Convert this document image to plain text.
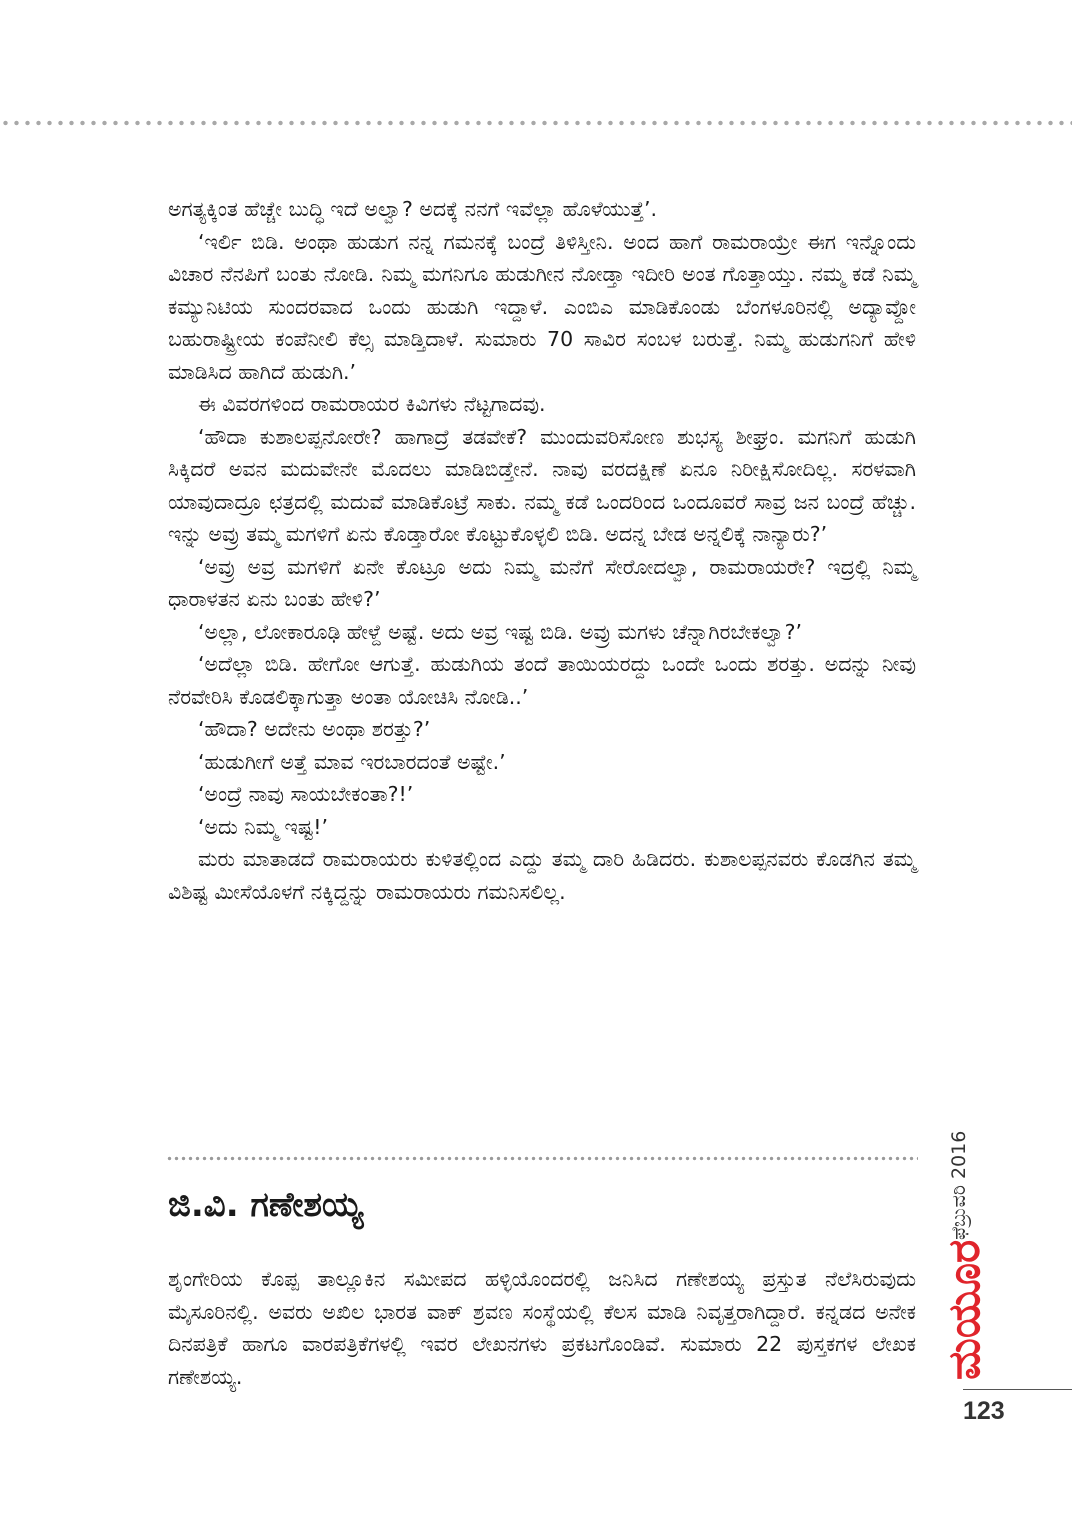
ಅಗತ್ಯಕ್ಕಿಂತ ಹೆಚ್ಚೇ ಬುದ್ಧಿ ಇದೆ ಅಲ್ವಾ? ಅದಕ್ಕೆ ನನಗೆ ಇವೆಲ್ಲಾ ಹೊಳೆಯುತ್ತೆ’.

‘ಇರ್ಲಿ ಬಿಡಿ. ಅಂಥಾ ಹುಡುಗ ನನ್ನ ಗಮನಕ್ಕೆ ಬಂದ್ರೆ ತಿಳಿಸ್ತೀನಿ. ಅಂದ ಹಾಗೆ ರಾಮರಾಯ್ರೇ ಈಗ ಇನ್ನೊಂದು ವಿಚಾರ ನೆನಪಿಗೆ ಬಂತು ನೋಡಿ. ನಿಮ್ಮ ಮಗನಿಗೂ ಹುಡುಗೀನ ನೋಡ್ತಾ ಇದೀರಿ ಅಂತ ಗೊತ್ತಾಯ್ತು. ನಮ್ಮ ಕಡೆ ನಿಮ್ಮ ಕಮ್ಯುನಿಟಿಯ ಸುಂದರವಾದ ಒಂದು ಹುಡುಗಿ ಇದ್ದಾಳೆ. ಎಂಬಿಎ ಮಾಡಿಕೊಂಡು ಬೆಂಗಳೂರಿನಲ್ಲಿ ಅದ್ಯಾವ್ದೋ ಬಹುರಾಷ್ಟ್ರೀಯ ಕಂಪೆನೀಲಿ ಕೆಲ್ಸ ಮಾಡ್ತಿದಾಳೆ. ಸುಮಾರು 70 ಸಾವಿರ ಸಂಬಳ ಬರುತ್ತೆ. ನಿಮ್ಮ ಹುಡುಗನಿಗೆ ಹೇಳಿ ಮಾಡಿಸಿದ ಹಾಗಿದೆ ಹುಡುಗಿ.’

ಈ ವಿವರಗಳಿಂದ ರಾಮರಾಯರ ಕಿವಿಗಳು ನೆಟ್ಟಗಾದವು.

‘ಹೌದಾ ಕುಶಾಲಪ್ಪನೋರೇ? ಹಾಗಾದ್ರೆ ತಡವೇಕೆ? ಮುಂದುವರಿಸೋಣ ಶುಭಸ್ಯ ಶೀಘ್ರಂ. ಮಗನಿಗೆ ಹುಡುಗಿ ಸಿಕ್ಕಿದರೆ ಅವನ ಮದುವೇನೇ ಮೊದಲು ಮಾಡಿಬಿಡ್ತೇನೆ. ನಾವು ವರದಕ್ಷಿಣೆ ಏನೂ ನಿರೀಕ್ಷಿಸೋದಿಲ್ಲ. ಸರಳವಾಗಿ ಯಾವುದಾದ್ರೂ ಛತ್ರದಲ್ಲಿ ಮದುವೆ ಮಾಡಿಕೊಟ್ರೆ ಸಾಕು. ನಮ್ಮ ಕಡೆ ಒಂದರಿಂದ ಒಂದೂವರೆ ಸಾವ್ರ ಜನ ಬಂದ್ರೆ ಹೆಚ್ಚು. ಇನ್ನು ಅವ್ರು ತಮ್ಮ ಮಗಳಿಗೆ ಏನು ಕೊಡ್ತಾರೋ ಕೊಟ್ಟುಕೊಳ್ಳಲಿ ಬಿಡಿ. ಅದನ್ನ ಬೇಡ ಅನ್ನಲಿಕ್ಕೆ ನಾನ್ಯಾರು?’

‘ಅವ್ರು ಅವ್ರ ಮಗಳಿಗೆ ಏನೇ ಕೊಟ್ರೂ ಅದು ನಿಮ್ಮ ಮನೆಗೆ ಸೇರೋದಲ್ವಾ, ರಾಮರಾಯರೇ? ಇದ್ರಲ್ಲಿ ನಿಮ್ಮ ಧಾರಾಳತನ ಏನು ಬಂತು ಹೇಳಿ?’

‘ಅಲ್ಲಾ, ಲೋಕಾರೂಢಿ ಹೇಳ್ದೆ ಅಷ್ಟೆ. ಅದು ಅವ್ರ ಇಷ್ಟ ಬಿಡಿ. ಅವ್ರು ಮಗಳು ಚೆನ್ನಾಗಿರಬೇಕಲ್ವಾ?’

‘ಅದೆಲ್ಲಾ ಬಿಡಿ. ಹೇಗೋ ಆಗುತ್ತೆ. ಹುಡುಗಿಯ ತಂದೆ ತಾಯಿಯರದ್ದು ಒಂದೇ ಒಂದು ಶರತ್ತು. ಅದನ್ನು ನೀವು ನೆರವೇರಿಸಿ ಕೊಡಲಿಕ್ಕಾಗುತ್ತಾ ಅಂತಾ ಯೋಚಿಸಿ ನೋಡಿ..’

‘ಹೌದಾ? ಅದೇನು ಅಂಥಾ ಶರತ್ತು?’

‘ಹುಡುಗೀಗೆ ಅತ್ತೆ ಮಾವ ಇರಬಾರದಂತೆ ಅಷ್ಟೇ.’

‘ಅಂದ್ರೆ ನಾವು ಸಾಯಬೇಕಂತಾ?!’

‘ಅದು ನಿಮ್ಮ ಇಷ್ಟ!’

ಮರು ಮಾತಾಡದೆ ರಾಮರಾಯರು ಕುಳಿತಲ್ಲಿಂದ ಎದ್ದು ತಮ್ಮ ದಾರಿ ಹಿಡಿದರು. ಕುಶಾಲಪ್ಪನವರು ಕೊಡಗಿನ ತಮ್ಮ ವಿಶಿಷ್ಟ ಮೀಸೆಯೊಳಗೆ ನಕ್ಕಿದ್ದನ್ನು ರಾಮರಾಯರು ಗಮನಿಸಲಿಲ್ಲ.

ಜಿ.ವಿ. ಗಣೇಶಯ್ಯ

ಶೃಂಗೇರಿಯ ಕೊಪ್ಪ ತಾಲ್ಲೂಕಿನ ಸಮೀಪದ ಹಳ್ಳಿಯೊಂದರಲ್ಲಿ ಜನಿಸಿದ ಗಣೇಶಯ್ಯ ಪ್ರಸ್ತುತ ನೆಲೆಸಿರುವುದು ಮೈಸೂರಿನಲ್ಲಿ. ಅವರು ಅಖಿಲ ಭಾರತ ವಾಕ್ ಶ್ರವಣ ಸಂಸ್ಥೆಯಲ್ಲಿ ಕೆಲಸ ಮಾಡಿ ನಿವೃತ್ತರಾಗಿದ್ದಾರೆ. ಕನ್ನಡದ ಅನೇಕ ದಿನಪತ್ರಿಕೆ ಹಾಗೂ ವಾರಪತ್ರಿಕೆಗಳಲ್ಲಿ ಇವರ ಲೇಖನಗಳು ಪ್ರಕಟಗೊಂಡಿವೆ. ಸುಮಾರು 22 ಪುಸ್ತಕಗಳ ಲೇಖಕ ಗಣೇಶಯ್ಯ.

ಫೆಬ್ರುವರಿ 2016
ಮಯೂರ
123
